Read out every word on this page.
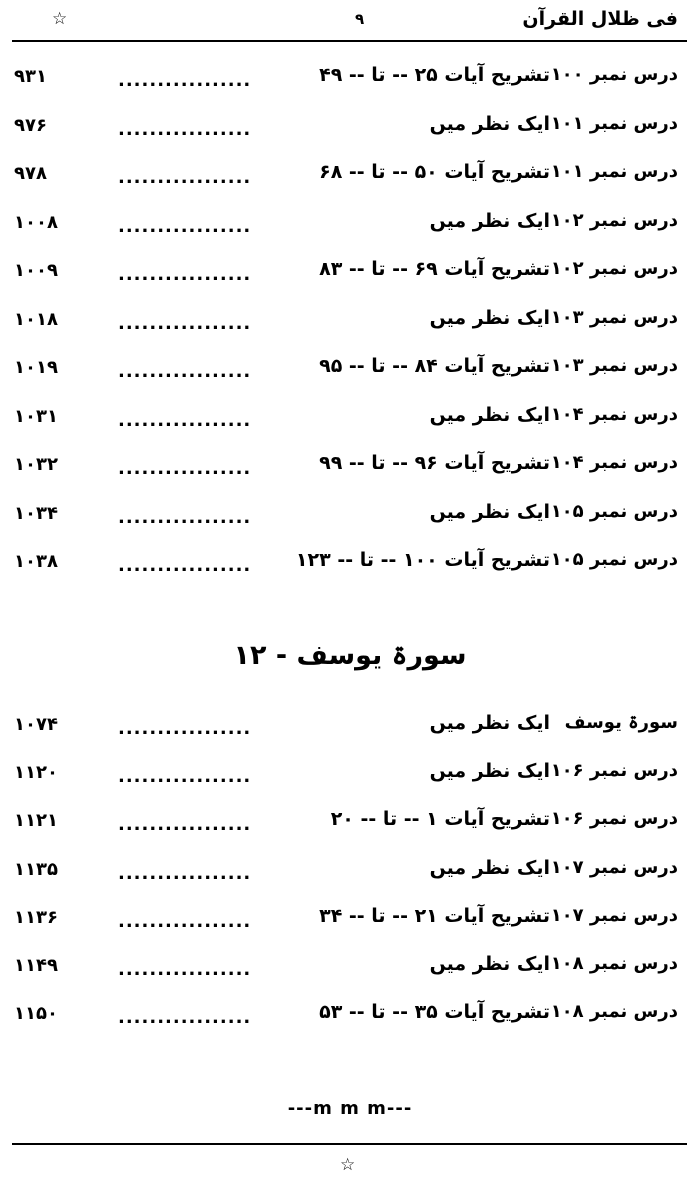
فی ظلال القرآن
۹
☆
درس نمبر ۱۰۰
تشریح آیات ۲۵ -- تا -- ۴۹
.................
۹۳۱
درس نمبر ۱۰۱
ایک نظر میں
.................
۹۷۶
درس نمبر ۱۰۱
تشریح آیات ۵۰ -- تا -- ۶۸
.................
۹۷۸
درس نمبر ۱۰۲
ایک نظر میں
.................
۱۰۰۸
درس نمبر ۱۰۲
تشریح آیات ۶۹ -- تا -- ۸۳
.................
۱۰۰۹
درس نمبر ۱۰۳
ایک نظر میں
.................
۱۰۱۸
درس نمبر ۱۰۳
تشریح آیات ۸۴ -- تا -- ۹۵
.................
۱۰۱۹
درس نمبر ۱۰۴
ایک نظر میں
.................
۱۰۳۱
درس نمبر ۱۰۴
تشریح آیات ۹۶ -- تا -- ۹۹
.................
۱۰۳۲
درس نمبر ۱۰۵
ایک نظر میں
.................
۱۰۳۴
درس نمبر ۱۰۵
تشریح آیات ۱۰۰ -- تا -- ۱۲۳
.................
۱۰۳۸
سورۃ یوسف - ۱۲
سورۃ یوسف
ایک نظر میں
.................
۱۰۷۴
درس نمبر ۱۰۶
ایک نظر میں
.................
۱۱۲۰
درس نمبر ۱۰۶
تشریح آیات ۱ -- تا -- ۲۰
.................
۱۱۲۱
درس نمبر ۱۰۷
ایک نظر میں
.................
۱۱۳۵
درس نمبر ۱۰۷
تشریح آیات ۲۱ -- تا -- ۳۴
.................
۱۱۳۶
درس نمبر ۱۰۸
ایک نظر میں
.................
۱۱۴۹
درس نمبر ۱۰۸
تشریح آیات ۳۵ -- تا -- ۵۳
.................
۱۱۵۰
---m m m---
☆
